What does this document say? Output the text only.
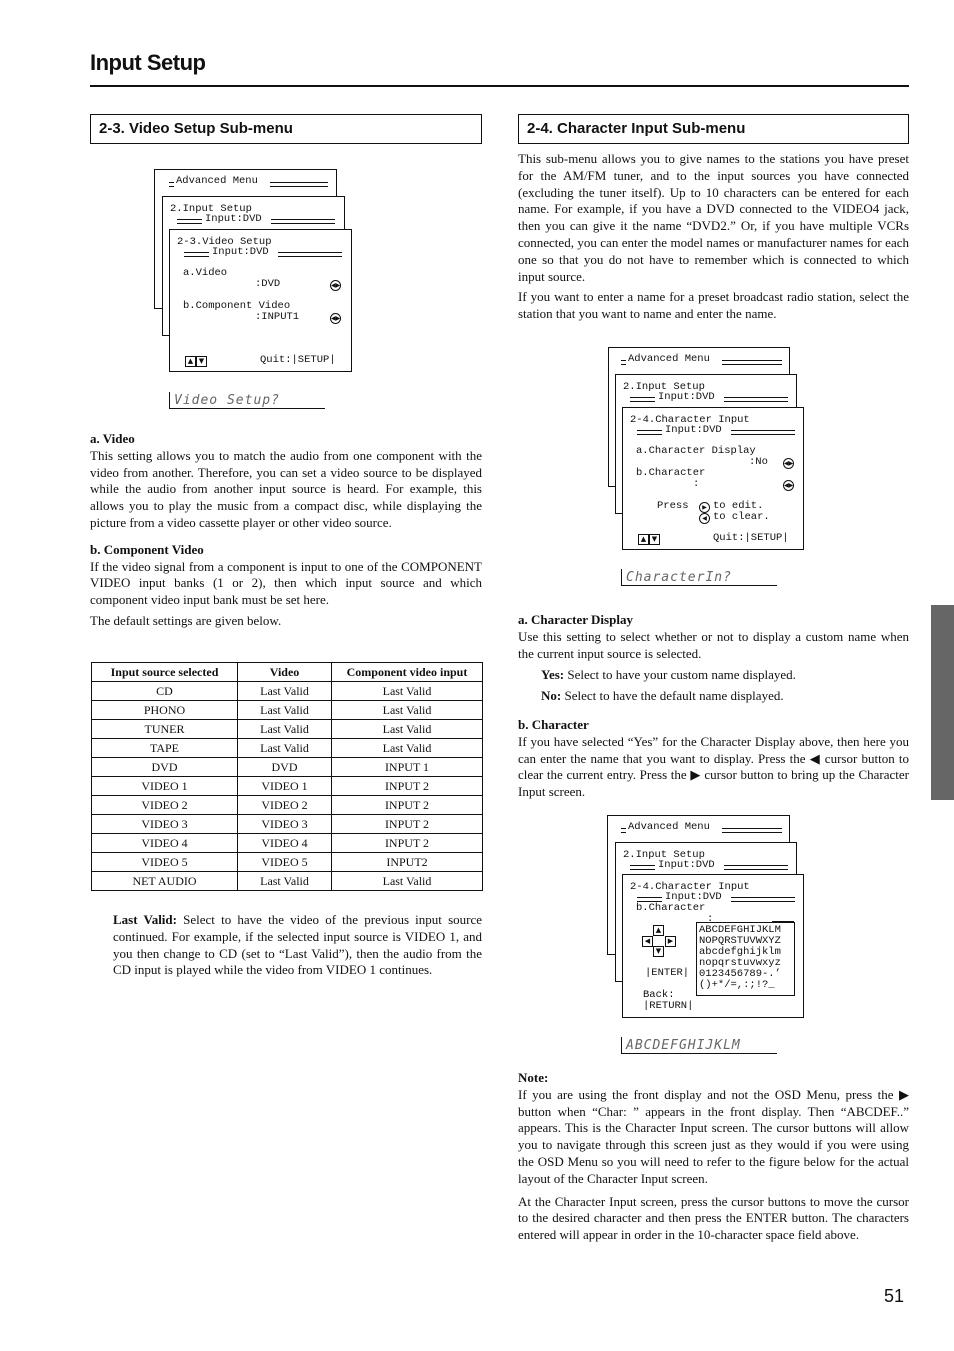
Input Setup
2-3. Video Setup Sub-menu
Advanced Menu
2.Input Setup
Input:DVD
2-3.Video Setup
Input:DVD
a.Video
:DVD	◀▶
b.Component Video
:INPUT1	◀▶
▲ ▼	Quit:|SETUP|
Video Setup?
a. Video

This setting allows you to match the audio from one component with the video from another. Therefore, you can set a video source to be displayed while the audio from another input source is heard. For example, this allows you to play the music from a compact disc, while displaying the picture from a video cassette player or other video source.

b. Component Video

If the video signal from a component is input to one of the COMPONENT VIDEO input banks (1 or 2), then which input source and which component video input bank must be set here.

The default settings are given below.

Input source selected	Video	Component video input
CD	Last Valid	Last Valid
PHONO	Last Valid	Last Valid
TUNER	Last Valid	Last Valid
TAPE	Last Valid	Last Valid
DVD	DVD	INPUT 1
VIDEO 1	VIDEO 1	INPUT 2
VIDEO 2	VIDEO 2	INPUT 2
VIDEO 3	VIDEO 3	INPUT 2
VIDEO 4	VIDEO 4	INPUT 2
VIDEO 5	VIDEO 5	INPUT2
NET AUDIO	Last Valid	Last Valid
Last Valid: Select to have the video of the previous input source continued. For example, if the selected input source is VIDEO 1, and you then change to CD (set to “Last Valid”), then the audio from the CD input is played while the video from VIDEO 1 continues.
2-4. Character Input Sub-menu

This sub-menu allows you to give names to the stations you have preset for the AM/FM tuner, and to the input sources you have connected (excluding the tuner itself). Up to 10 characters can be entered for each name. For example, if you have a DVD connected to the VIDEO4 jack, then you can give it the name “DVD2.” Or, if you have multiple VCRs connected, you can enter the model names or manufacturer names for each one so that you do not have to remember which is connected to which input source.

If you want to enter a name for a preset broadcast radio station, select the station that you want to name and enter the name.

Advanced Menu
2.Input Setup
Input:DVD
2-4.Character Input
Input:DVD
a.Character Display
:No	◀▶
b.Character
:	◀▶
Press	▶ to edit.
◀ to clear.
▲ ▼	Quit:|SETUP|
CharacterIn?
a. Character Display

Use this setting to select whether or not to display a custom name when the current input source is selected.

Yes: Select to have your custom name displayed.

No: Select to have the default name displayed.

b. Character

If you have selected “Yes” for the Character Display above, then here you can enter the name that you want to display. Press the ◀ cursor button to clear the current entry. Press the ▶ cursor button to bring up the Character Input screen.

Advanced Menu
2.Input Setup
Input:DVD
2-4.Character Input
Input:DVD
b.Character
:
▲
◀	▶
▼
|ENTER|
ABCDEFGHIJKLM
NOPQRSTUVWXYZ
abcdefghijklm
nopqrstuvwxyz
0123456789-.’
()+*/=,:;!?_
Back:
|RETURN|
ABCDEFGHIJKLM
Note:

If you are using the front display and not the OSD Menu, press the ▶ button when “Char: ” appears in the front display. Then “ABCDEF..” appears. This is the Character Input screen. The cursor buttons will allow you to navigate through this screen just as they would if you were using the OSD Menu so you will need to refer to the figure below for the actual layout of the Character Input screen.

At the Character Input screen, press the cursor buttons to move the cursor to the desired character and then press the ENTER button. The characters entered will appear in order in the 10-character space field above.

51
